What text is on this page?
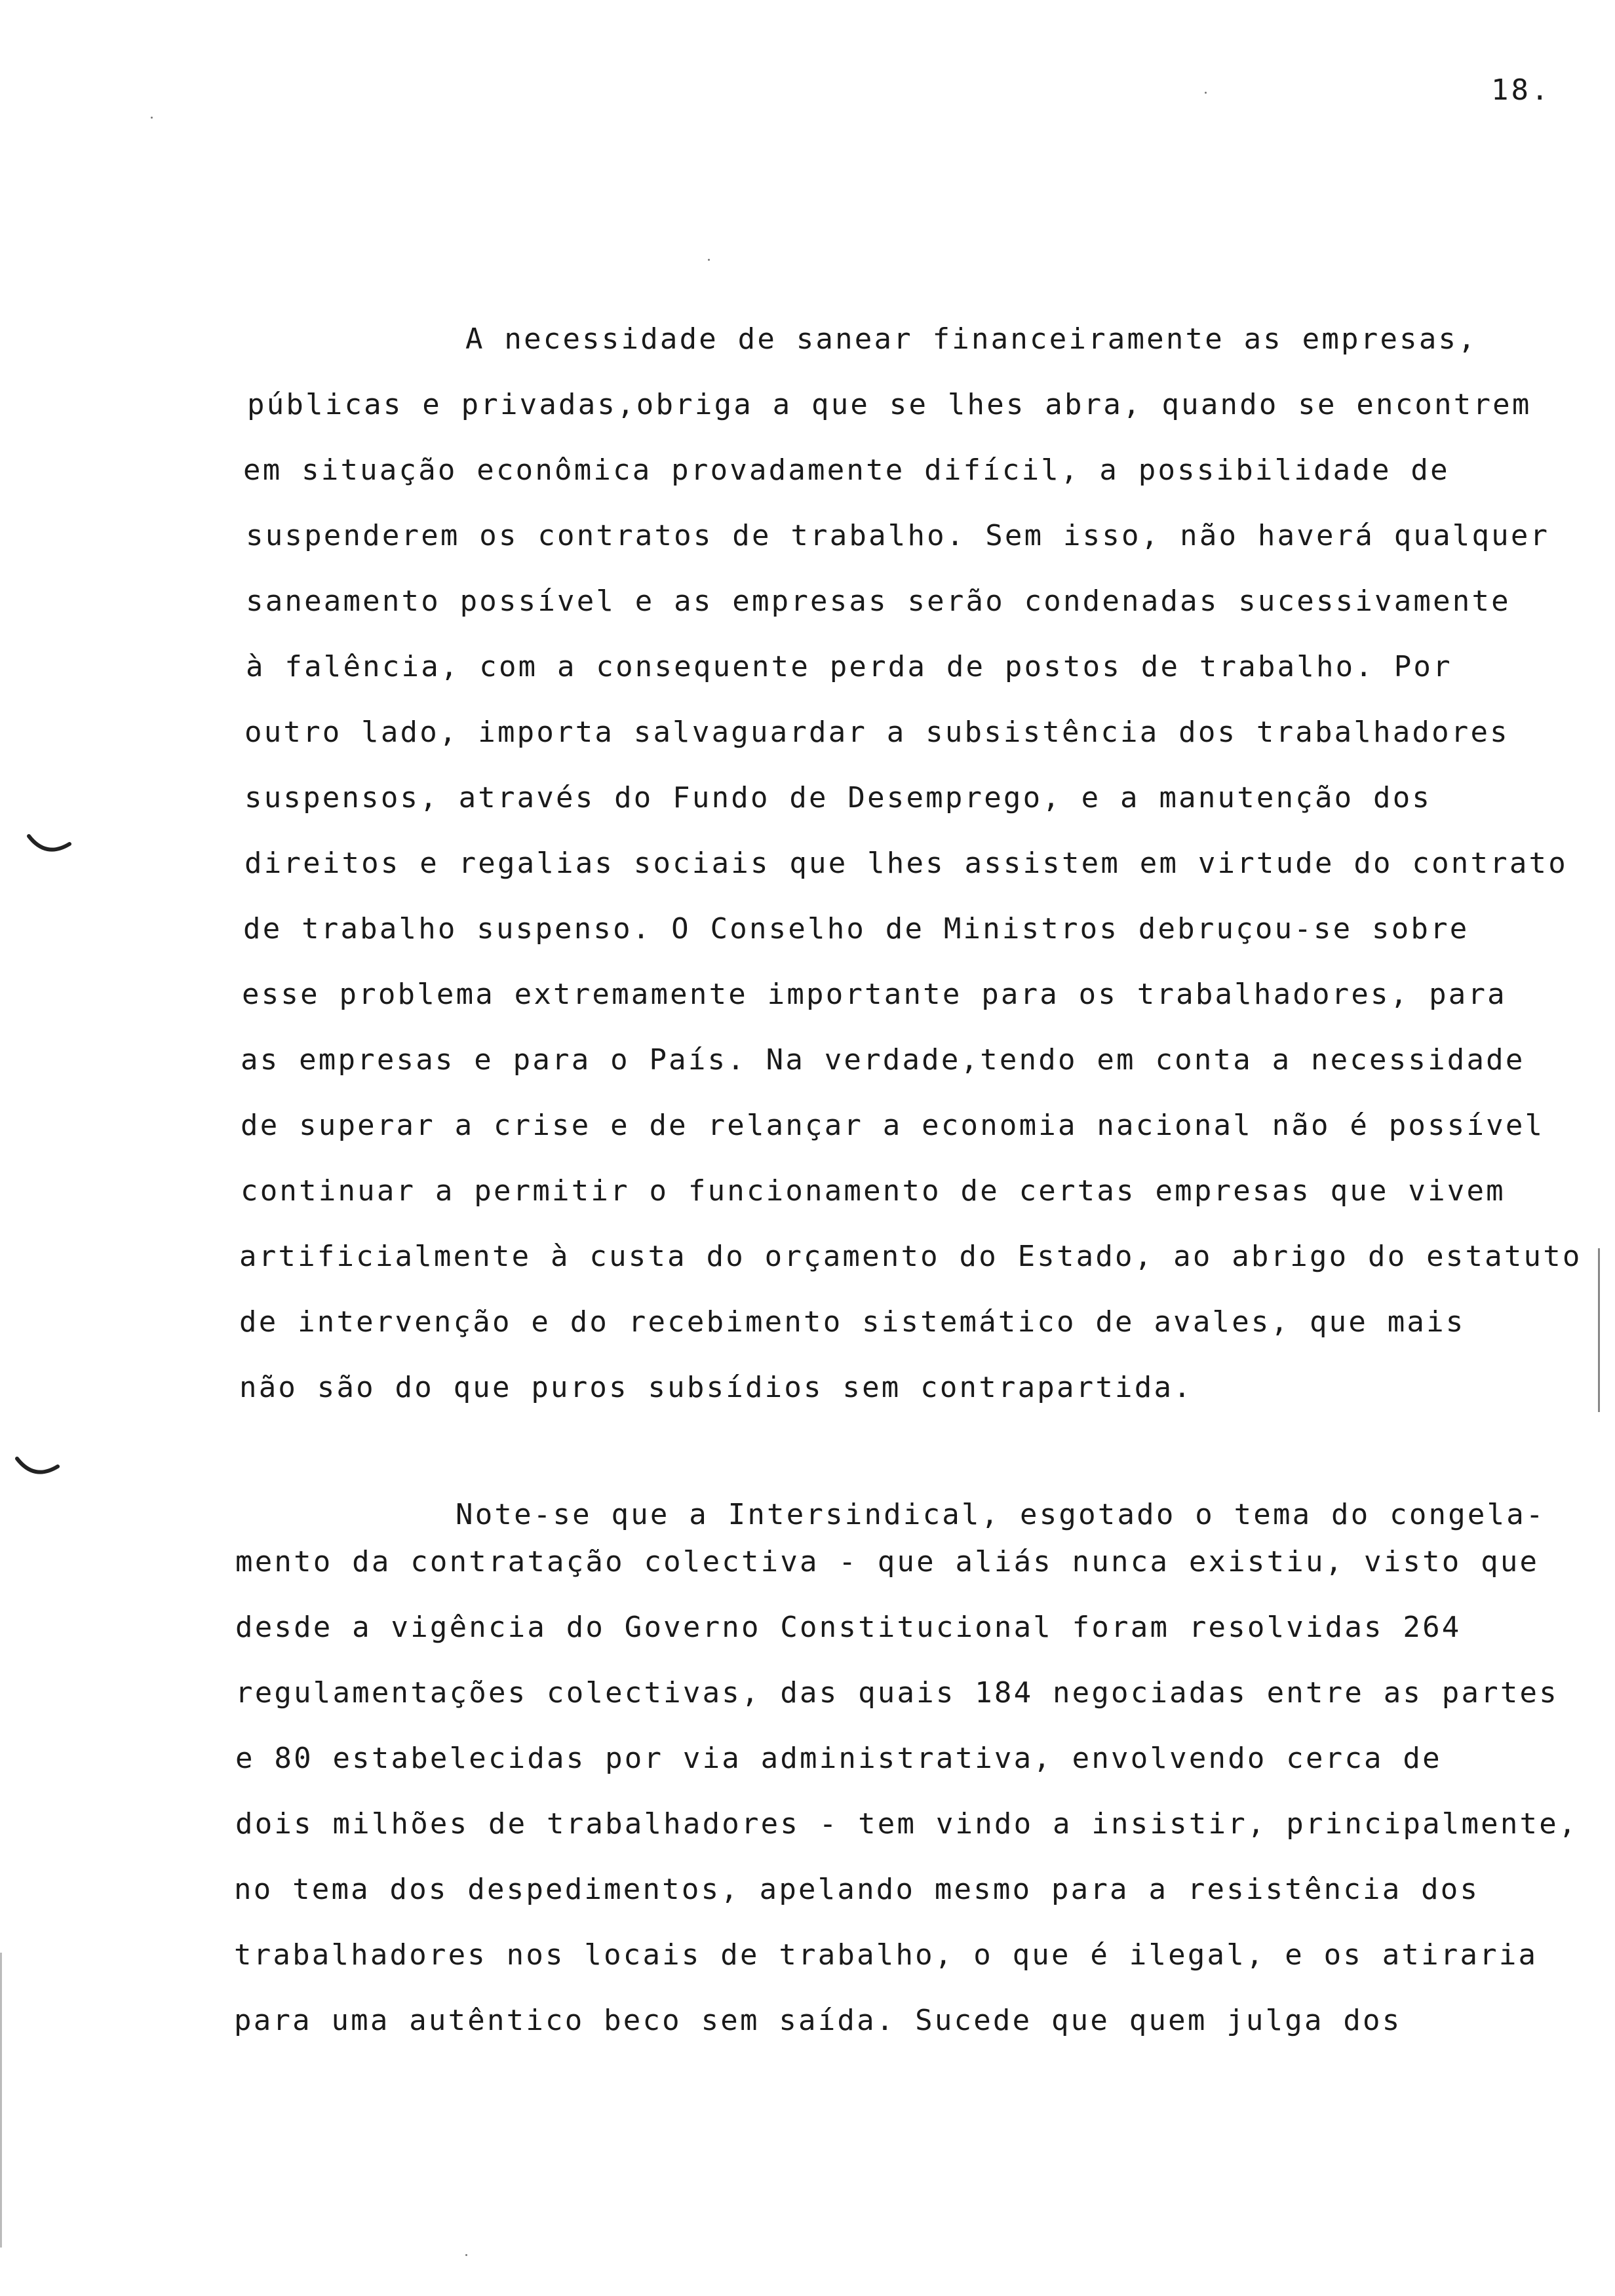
18.
A necessidade de sanear financeiramente as empresas,
públicas e privadas,obriga a que se lhes abra, quando se encontrem
em situação econômica provadamente difícil, a possibilidade de
suspenderem os contratos de trabalho. Sem isso, não haverá qualquer
saneamento possível e as empresas serão condenadas sucessivamente
à falência, com a consequente perda de postos de trabalho. Por
outro lado, importa salvaguardar a subsistência dos trabalhadores
suspensos, através do Fundo de Desemprego, e a manutenção dos
direitos e regalias sociais que lhes assistem em virtude do contrato
de trabalho suspenso. O Conselho de Ministros debruçou-se sobre
esse problema extremamente importante para os trabalhadores, para
as empresas e para o País. Na verdade,tendo em conta a necessidade
de superar a crise e de relançar a economia nacional não é possível
continuar a permitir o funcionamento de certas empresas que vivem
artificialmente à custa do orçamento do Estado, ao abrigo do estatuto
de intervenção e do recebimento sistemático de avales, que mais
não são do que puros subsídios sem contrapartida.
Note-se que a Intersindical, esgotado o tema do congela-
mento da contratação colectiva - que aliás nunca existiu, visto que
desde a vigência do Governo Constitucional foram resolvidas 264
regulamentações colectivas, das quais 184 negociadas entre as partes
e 80 estabelecidas por via administrativa, envolvendo cerca de
dois milhões de trabalhadores - tem vindo a insistir, principalmente,
no tema dos despedimentos, apelando mesmo para a resistência dos
trabalhadores nos locais de trabalho, o que é ilegal, e os atiraria
para uma autêntico beco sem saída. Sucede que quem julga dos
